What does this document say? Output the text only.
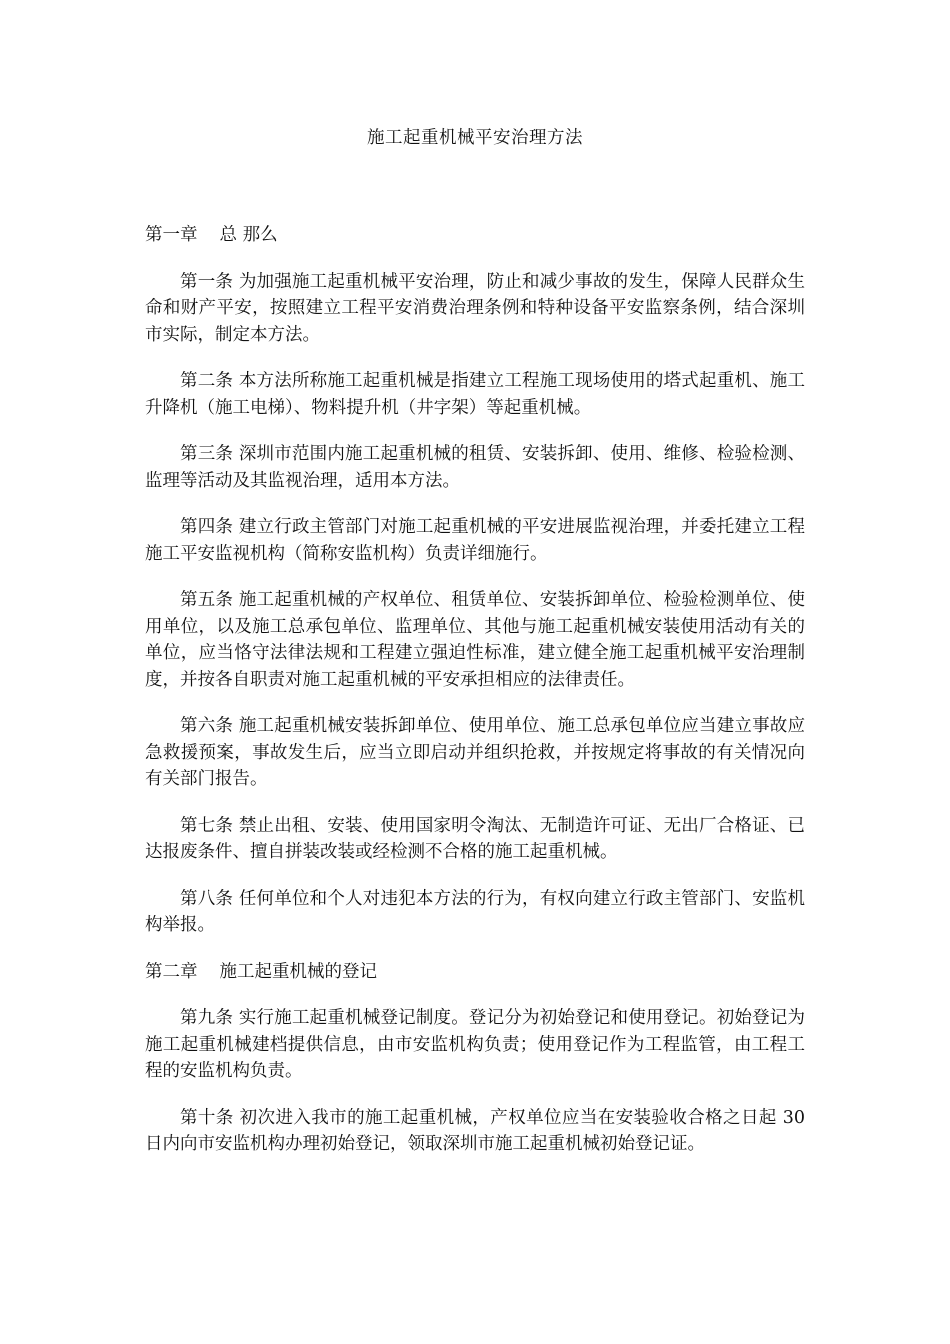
施工起重机械平安治理方法
第一章 总 那么

第一条 为加强施工起重机械平安治理，防止和减少事故的发生，保障人民群众生命和财产平安，按照建立工程平安消费治理条例和特种设备平安监察条例，结合深圳市实际，制定本方法。

第二条 本方法所称施工起重机械是指建立工程施工现场使用的塔式起重机、施工升降机（施工电梯）、物料提升机（井字架）等起重机械。

第三条 深圳市范围内施工起重机械的租赁、安装拆卸、使用、维修、检验检测、监理等活动及其监视治理，适用本方法。

第四条 建立行政主管部门对施工起重机械的平安进展监视治理，并委托建立工程施工平安监视机构（简称安监机构）负责详细施行。

第五条 施工起重机械的产权单位、租赁单位、安装拆卸单位、检验检测单位、使用单位，以及施工总承包单位、监理单位、其他与施工起重机械安装使用活动有关的单位，应当恪守法律法规和工程建立强迫性标准，建立健全施工起重机械平安治理制度，并按各自职责对施工起重机械的平安承担相应的法律责任。

第六条 施工起重机械安装拆卸单位、使用单位、施工总承包单位应当建立事故应急救援预案，事故发生后，应当立即启动并组织抢救，并按规定将事故的有关情况向有关部门报告。

第七条 禁止出租、安装、使用国家明令淘汰、无制造许可证、无出厂合格证、已达报废条件、擅自拼装改装或经检测不合格的施工起重机械。

第八条 任何单位和个人对违犯本方法的行为，有权向建立行政主管部门、安监机构举报。

第二章 施工起重机械的登记

第九条 实行施工起重机械登记制度。登记分为初始登记和使用登记。初始登记为施工起重机械建档提供信息，由市安监机构负责；使用登记作为工程监管，由工程工程的安监机构负责。

第十条 初次进入我市的施工起重机械，产权单位应当在安装验收合格之日起 30 日内向市安监机构办理初始登记，领取深圳市施工起重机械初始登记证。
